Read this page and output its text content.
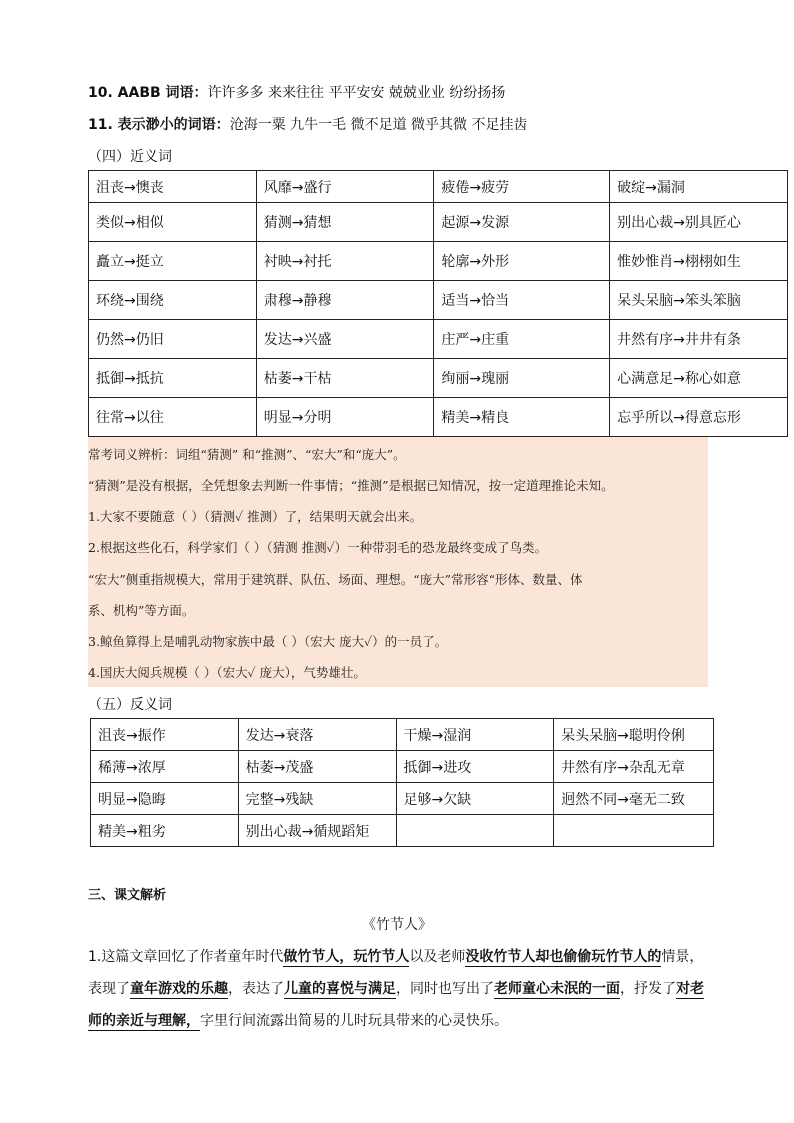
10. AABB 词语：许许多多 来来往往 平平安安 兢兢业业 纷纷扬扬
11. 表示渺小的词语：沧海一粟 九牛一毛 微不足道 微乎其微 不足挂齿
（四）近义词
沮丧→懊丧	风靡→盛行	疲倦→疲劳	破绽→漏洞
类似→相似	猜测→猜想	起源→发源	别出心裁→别具匠心
矗立→挺立	衬映→衬托	轮廓→外形	惟妙惟肖→栩栩如生
环绕→围绕	肃穆→静穆	适当→恰当	呆头呆脑→笨头笨脑
仍然→仍旧	发达→兴盛	庄严→庄重	井然有序→井井有条
抵御→抵抗	枯萎→干枯	绚丽→瑰丽	心满意足→称心如意
往常→以往	明显→分明	精美→精良	忘乎所以→得意忘形
常考词义辨析：词组“猜测” 和“推测”、“宏大”和“庞大”。
“猜测”是没有根据，全凭想象去判断一件事情；“推测”是根据已知情况，按一定道理推论未知。
1.大家不要随意（ ）（猜测✓ 推测）了，结果明天就会出来。
2.根据这些化石，科学家们（ ）（猜测 推测✓）一种带羽毛的恐龙最终变成了鸟类。
“宏大”侧重指规模大，常用于建筑群、队伍、场面、理想。“庞大”常形容“形体、数量、体
系、机构”等方面。
3.鲸鱼算得上是哺乳动物家族中最（ ）（宏大 庞大✓）的一员了。
4.国庆大阅兵规模（ ）（宏大✓ 庞大），气势雄壮。
（五）反义词
沮丧→振作	发达→衰落	干燥→湿润	呆头呆脑→聪明伶俐
稀薄→浓厚	枯萎→茂盛	抵御→进攻	井然有序→杂乱无章
明显→隐晦	完整→残缺	足够→欠缺	迥然不同→毫无二致
精美→粗劣	别出心裁→循规蹈矩		
三、课文解析
《竹节人》
1.这篇文章回忆了作者童年时代做竹节人，玩竹节人以及老师没收竹节人却也偷偷玩竹节人的情景，
表现了童年游戏的乐趣，表达了儿童的喜悦与满足，同时也写出了老师童心未泯的一面，抒发了对老
师的亲近与理解，字里行间流露出简易的儿时玩具带来的心灵快乐。
